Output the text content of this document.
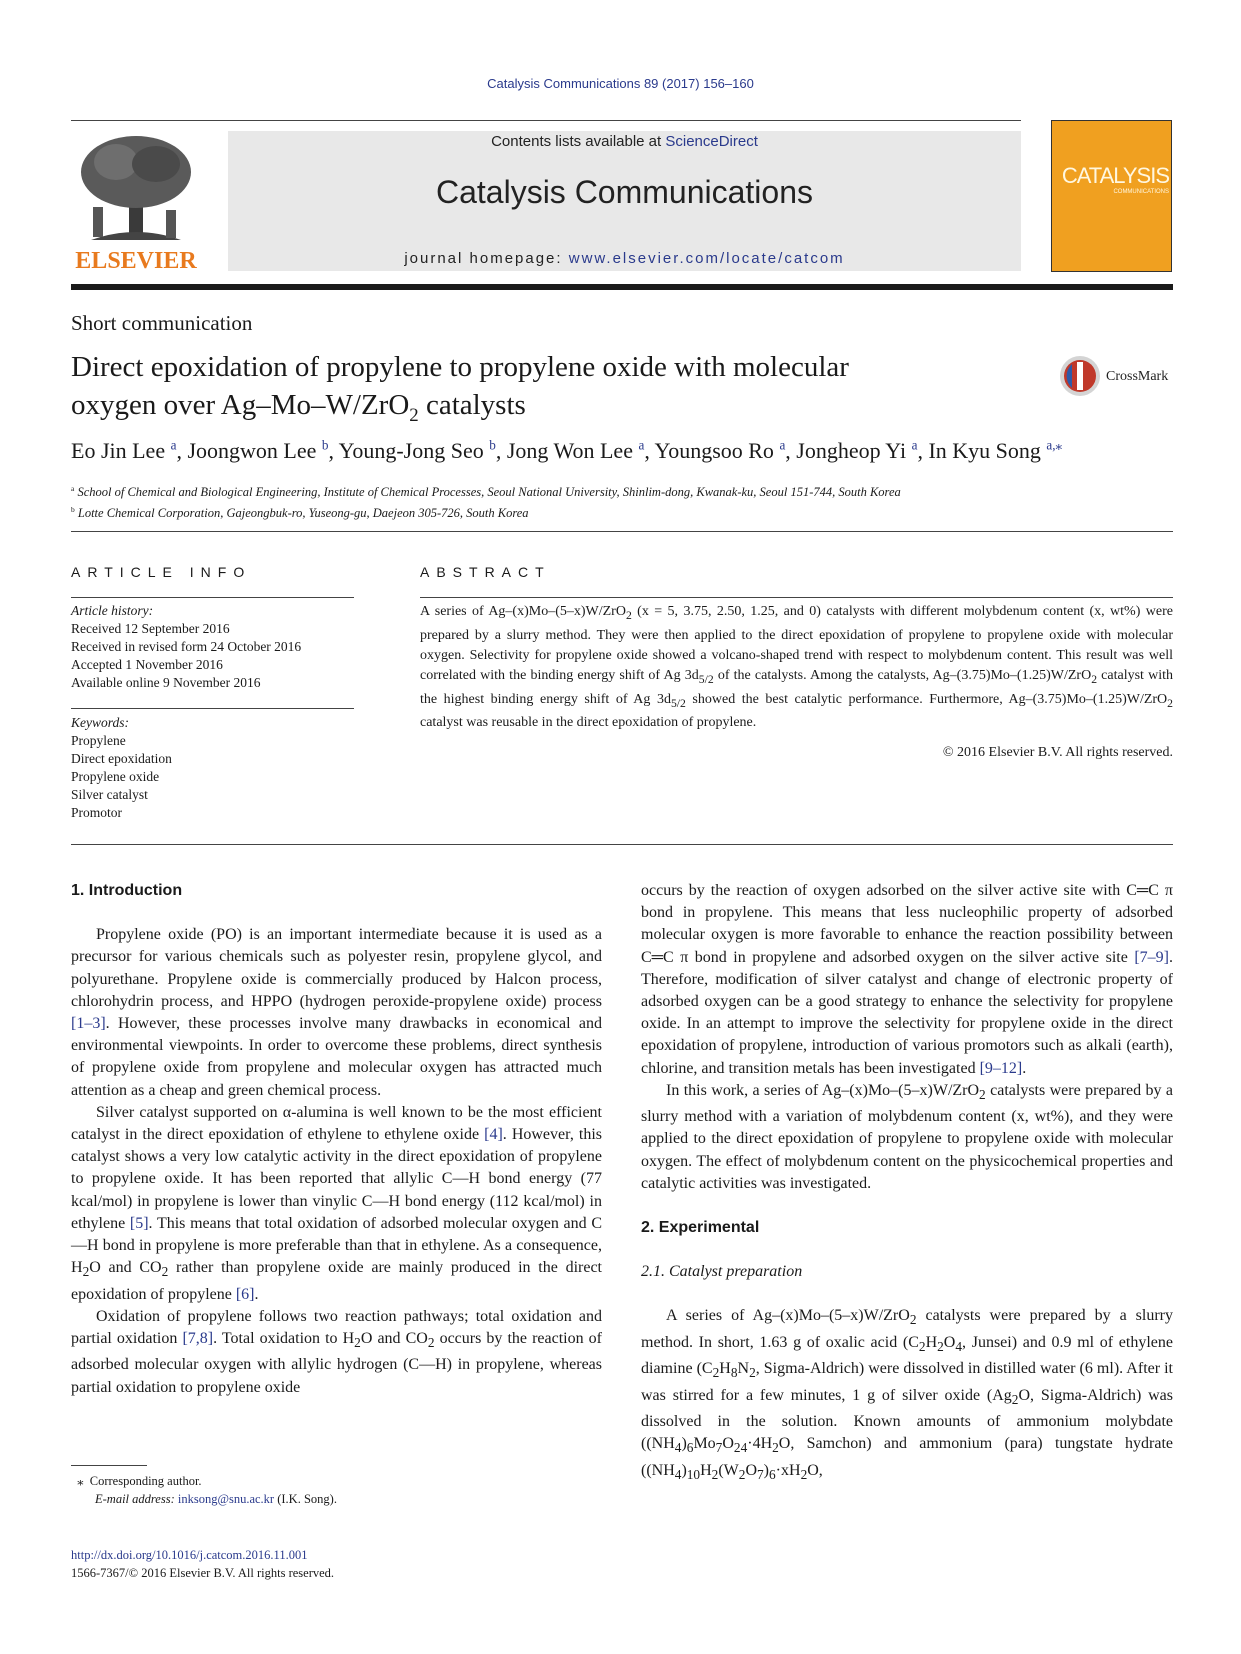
Catalysis Communications 89 (2017) 156–160
ELSEVIER
Contents lists available at ScienceDirect
Catalysis Communications
journal homepage: www.elsevier.com/locate/catcom
CATALYSIS
COMMUNICATIONS
Short communication
Direct epoxidation of propylene to propylene oxide with molecular
oxygen over Ag–Mo–W/ZrO$_2$ catalysts
CrossMark
Eo Jin Lee $^a$, Joongwon Lee $^b$, Young-Jong Seo $^b$, Jong Won Lee $^a$, Youngsoo Ro $^a$, Jongheop Yi $^a$, In Kyu Song $^{a,⁎}$
$^a$ School of Chemical and Biological Engineering, Institute of Chemical Processes, Seoul National University, Shinlim-dong, Kwanak-ku, Seoul 151-744, South Korea
$^b$ Lotte Chemical Corporation, Gajeongbuk-ro, Yuseong-gu, Daejeon 305-726, South Korea
ARTICLE INFO
Article history:
Received 12 September 2016
Received in revised form 24 October 2016
Accepted 1 November 2016
Available online 9 November 2016
Keywords:
Propylene
Direct epoxidation
Propylene oxide
Silver catalyst
Promotor
ABSTRACT
A series of Ag–(x)Mo–(5–x)W/ZrO$_2$ (x = 5, 3.75, 2.50, 1.25, and 0) catalysts with different molybdenum content (x, wt%) were prepared by a slurry method. They were then applied to the direct epoxidation of propylene to propylene oxide with molecular oxygen. Selectivity for propylene oxide showed a volcano-shaped trend with respect to molybdenum content. This result was well correlated with the binding energy shift of Ag $3d_{5/2}$ of the catalysts. Among the catalysts, Ag–(3.75)Mo–(1.25)W/ZrO$_2$ catalyst with the highest binding energy shift of Ag $3d_{5/2}$ showed the best catalytic performance. Furthermore, Ag–(3.75)Mo–(1.25)W/ZrO$_2$ catalyst was reusable in the direct epoxidation of propylene.
© 2016 Elsevier B.V. All rights reserved.

1. Introduction

Propylene oxide (PO) is an important intermediate because it is used as a precursor for various chemicals such as polyester resin, propylene glycol, and polyurethane. Propylene oxide is commercially produced by Halcon process, chlorohydrin process, and HPPO (hydrogen peroxide-propylene oxide) process [1–3]. However, these processes involve many drawbacks in economical and environmental viewpoints. In order to overcome these problems, direct synthesis of propylene oxide from propylene and molecular oxygen has attracted much attention as a cheap and green chemical process.

Silver catalyst supported on α-alumina is well known to be the most efficient catalyst in the direct epoxidation of ethylene to ethylene oxide [4]. However, this catalyst shows a very low catalytic activity in the direct epoxidation of propylene to propylene oxide. It has been reported that allylic C—H bond energy (77 kcal/mol) in propylene is lower than vinylic C—H bond energy (112 kcal/mol) in ethylene [5]. This means that total oxidation of adsorbed molecular oxygen and C—H bond in propylene is more preferable than that in ethylene. As a consequence, $H_2O$ and $CO_2$ rather than propylene oxide are mainly produced in the direct epoxidation of propylene [6].

Oxidation of propylene follows two reaction pathways; total oxidation and partial oxidation [7,8]. Total oxidation to $H_2O$ and $CO_2$ occurs by the reaction of adsorbed molecular oxygen with allylic hydrogen (C—H) in propylene, whereas partial oxidation to propylene oxide

occurs by the reaction of oxygen adsorbed on the silver active site with C═C π bond in propylene. This means that less nucleophilic property of adsorbed molecular oxygen is more favorable to enhance the reaction possibility between C═C π bond in propylene and adsorbed oxygen on the silver active site [7–9]. Therefore, modification of silver catalyst and change of electronic property of adsorbed oxygen can be a good strategy to enhance the selectivity for propylene oxide. In an attempt to improve the selectivity for propylene oxide in the direct epoxidation of propylene, introduction of various promotors such as alkali (earth), chlorine, and transition metals has been investigated [9–12].

In this work, a series of Ag–(x)Mo–(5–x)W/ZrO$_2$ catalysts were prepared by a slurry method with a variation of molybdenum content (x, wt%), and they were applied to the direct epoxidation of propylene to propylene oxide with molecular oxygen. The effect of molybdenum content on the physicochemical properties and catalytic activities was investigated.

2. Experimental

2.1. Catalyst preparation

A series of Ag–(x)Mo–(5–x)W/ZrO$_2$ catalysts were prepared by a slurry method. In short, 1.63 g of oxalic acid ($C_2H_2O_4$, Junsei) and 0.9 ml of ethylene diamine ($C_2H_8N_2$, Sigma-Aldrich) were dissolved in distilled water (6 ml). After it was stirred for a few minutes, 1 g of silver oxide ($Ag_2O$, Sigma-Aldrich) was dissolved in the solution. Known amounts of ammonium molybdate ($(NH_4)_6Mo_7O_{24}\cdot 4H_2O$, Samchon) and ammonium (para) tungstate hydrate ($(NH_4)_{10}H_2(W_2O_7)_6\cdot xH_2O$,

⁎  Corresponding author.
E-mail address: inksong@snu.ac.kr (I.K. Song).
http://dx.doi.org/10.1016/j.catcom.2016.11.001
1566-7367/© 2016 Elsevier B.V. All rights reserved.
